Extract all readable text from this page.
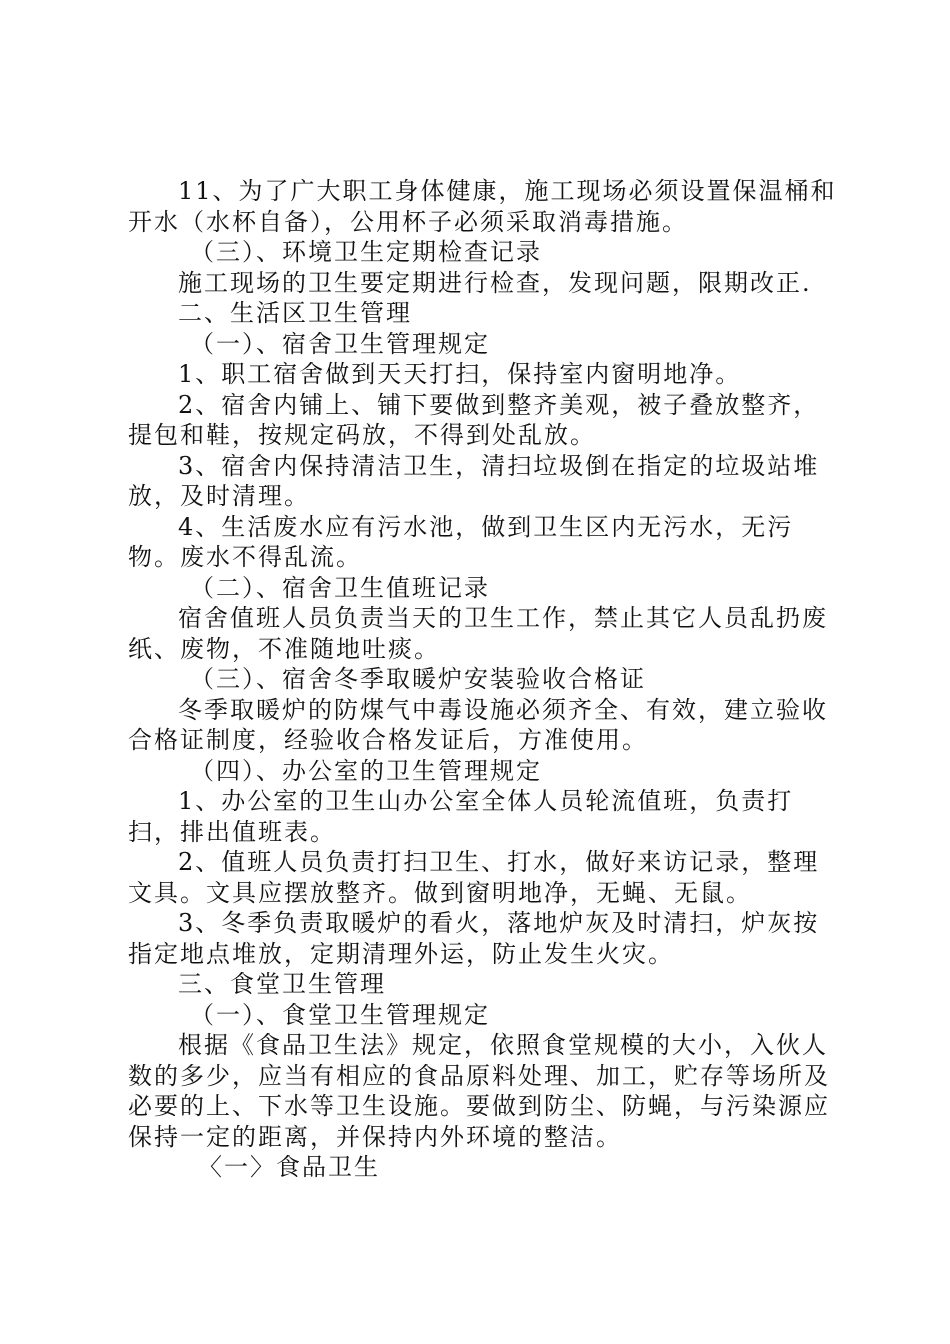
11、为了广大职工身体健康，施工现场必须设置保温桶和开水（水杯自备），公用杯子必须采取消毒措施。

（三）、环境卫生定期检查记录

施工现场的卫生要定期进行检查，发现问题，限期改正.

二、生活区卫生管理

（一）、宿舍卫生管理规定

1、职工宿舍做到天天打扫，保持室内窗明地净。

2、宿舍内铺上、铺下要做到整齐美观，被子叠放整齐，提包和鞋，按规定码放，不得到处乱放。

3、宿舍内保持清洁卫生，清扫垃圾倒在指定的垃圾站堆放，及时清理。

4、生活废水应有污水池，做到卫生区内无污水，无污物。废水不得乱流。

（二）、宿舍卫生值班记录

宿舍值班人员负责当天的卫生工作，禁止其它人员乱扔废纸、废物，不准随地吐痰。

（三）、宿舍冬季取暖炉安装验收合格证

冬季取暖炉的防煤气中毒设施必须齐全、有效，建立验收合格证制度，经验收合格发证后，方准使用。

（四）、办公室的卫生管理规定

1、办公室的卫生山办公室全体人员轮流值班，负责打扫，排出值班表。

2、值班人员负责打扫卫生、打水，做好来访记录，整理文具。文具应摆放整齐。做到窗明地净，无蝇、无鼠。

3、冬季负责取暖炉的看火，落地炉灰及时清扫，炉灰按指定地点堆放，定期清理外运，防止发生火灾。

三、食堂卫生管理

（一）、食堂卫生管理规定

根据《食品卫生法》规定，依照食堂规模的大小，入伙人数的多少，应当有相应的食品原料处理、加工，贮存等场所及必要的上、下水等卫生设施。要做到防尘、防蝇，与污染源应保持一定的距离，并保持内外环境的整洁。

〈一〉食品卫生
